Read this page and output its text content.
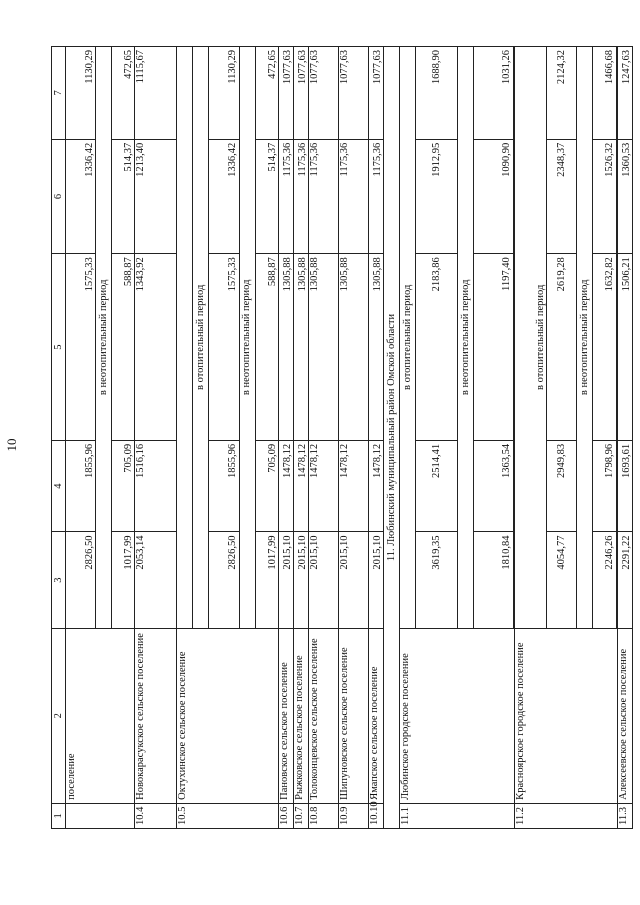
10
1	2	3	4	5	6	7
	поселение	2826,50	1855,96	1575,33	1336,42	1130,29
		в неотопительный период				
		1017,99	705,09	588,87	514,37	472,65
10.4	Новокарасукское сельское поселение	2053,14	1516,16	1343,92	1213,40	1115,67
10.5	Октухинское сельское поселение					
		в отопительный период				
		2826,50	1855,96	1575,33	1336,42	1130,29
		в неотопительный период				
		1017,99	705,09	588,87	514,37	472,65
10.6	Пановское сельское поселение	2015,10	1478,12	1305,88	1175,36	1077,63
10.7	Рыжковское сельское поселение	2015,10	1478,12	1305,88	1175,36	1077,63
10.8	Толоконцевское сельское поселение	2015,10	1478,12	1305,88	1175,36	1077,63
10.9	Шипуновское сельское поселение	2015,10	1478,12	1305,88	1175,36	1077,63
10.10	Ямапское сельское поселение	2015,10	1478,12	1305,88	1175,36	1077,63
11. Любинский муниципальный район Омской области						
11.1	Любинское городское поселение	в отопительный период				
		3619,35	2514,41	2183,86	1912,95	1688,90
		в неотопительный период				
		1810,84	1363,54	1197,40	1090,90	1031,26

11.2	Красноярское городское поселение	в отопительный период				
		4054,77	2949,83	2619,28	2348,37	2124,32
		в неотопительный период				
		2246,26	1798,96	1632,82	1526,32	1466,68

11.3	Алексеевское сельское поселение	2291,22	1693,61	1506,21	1360,53	1247,63
